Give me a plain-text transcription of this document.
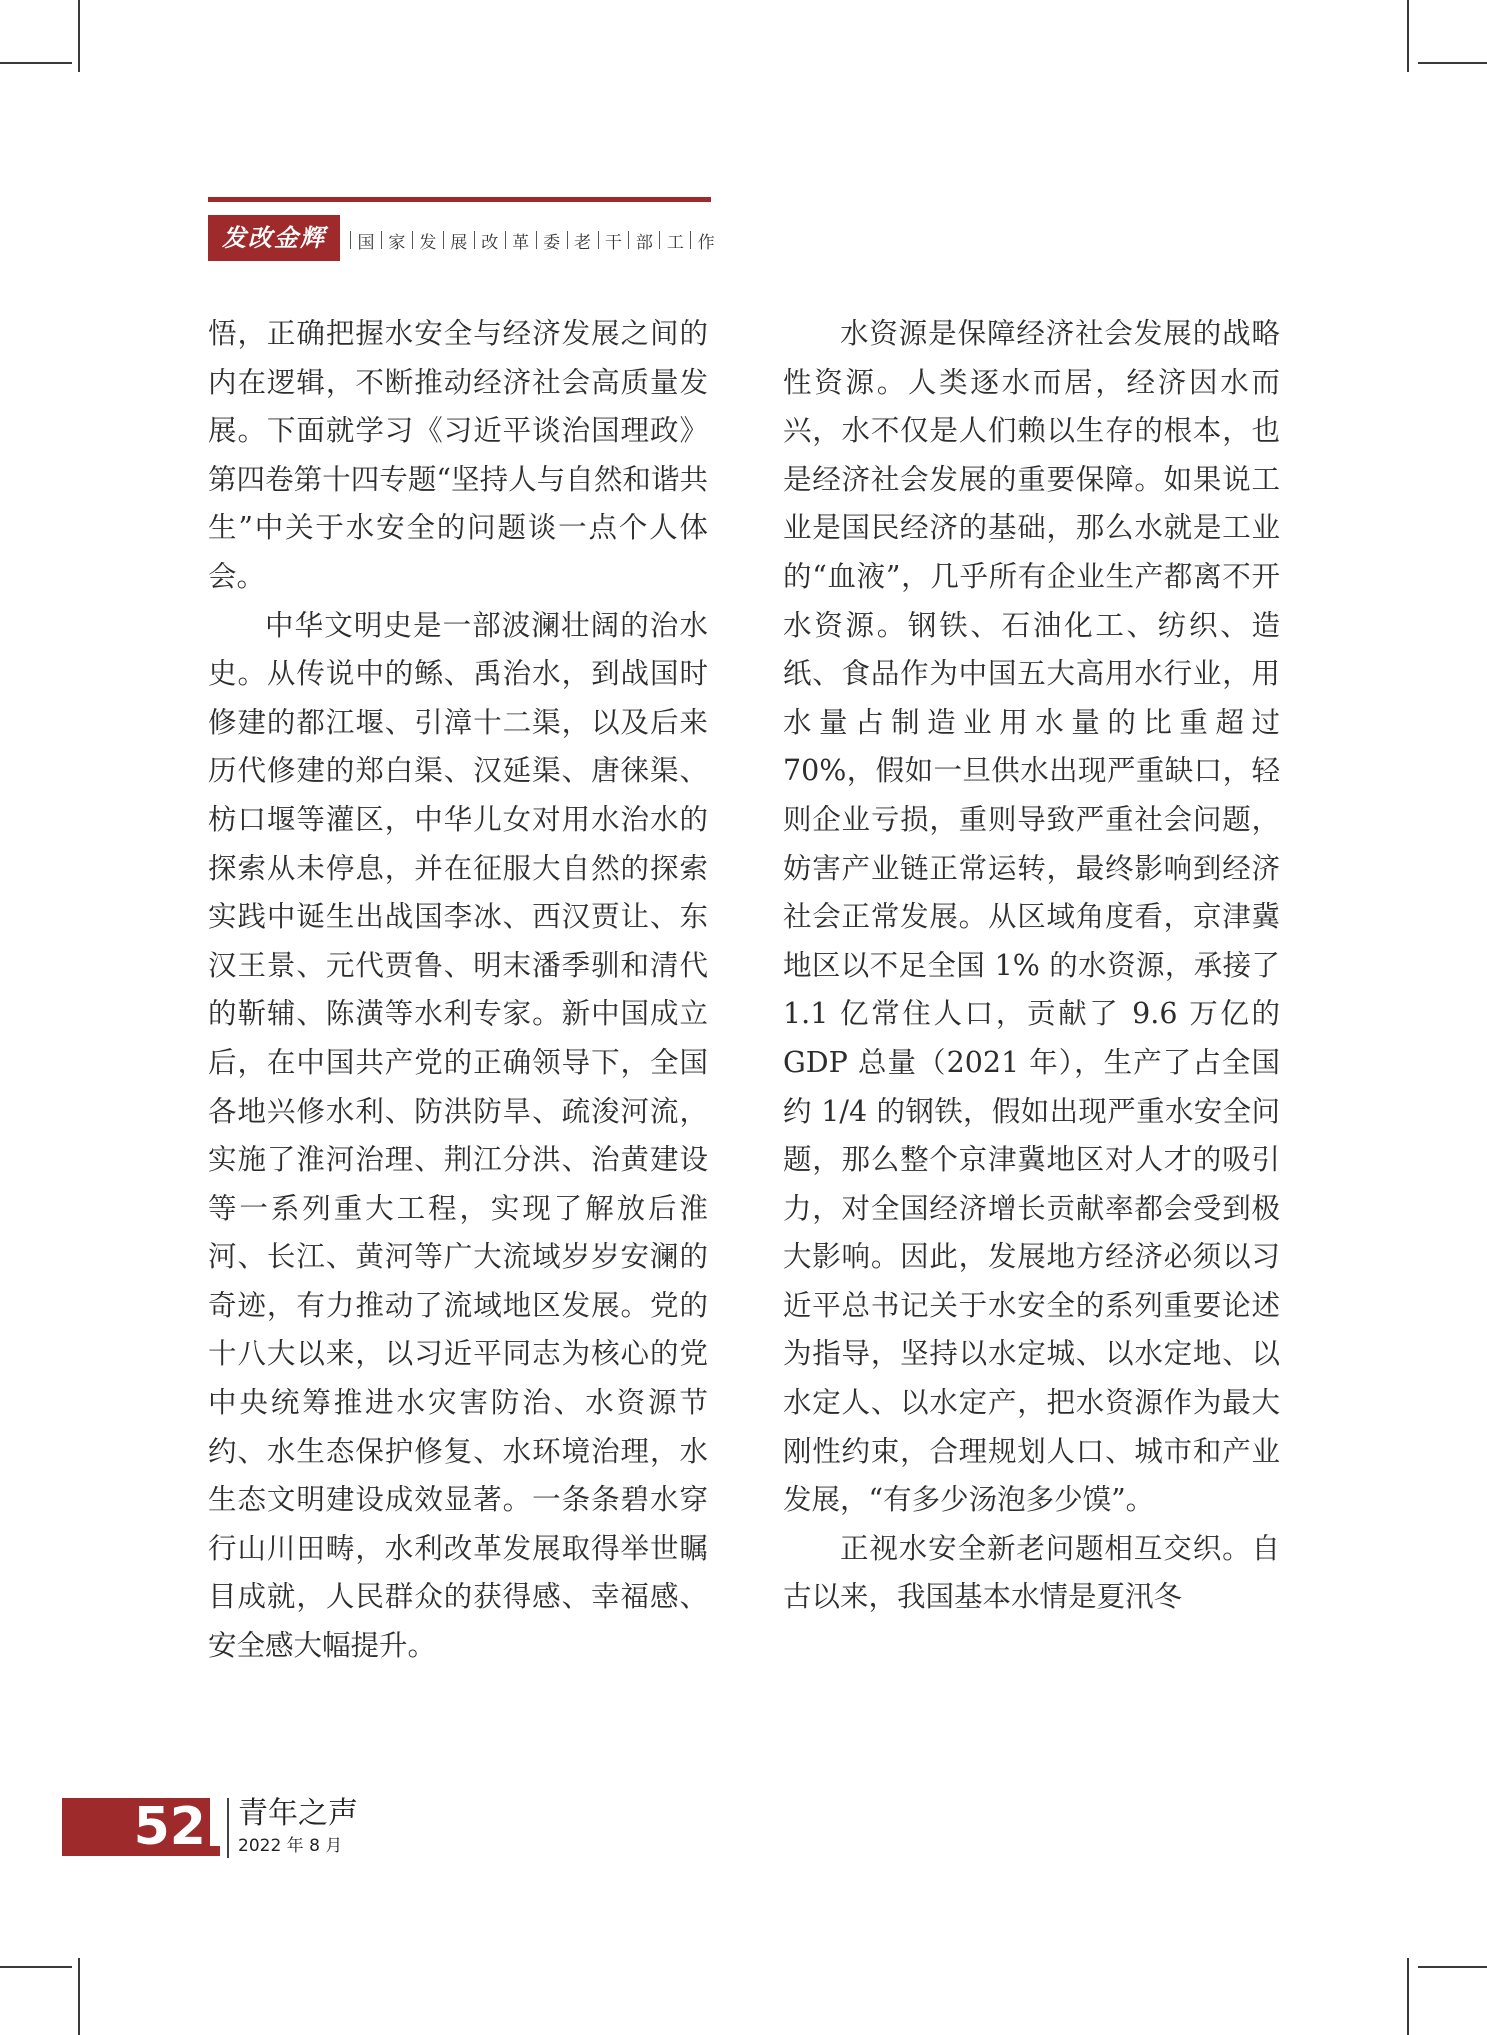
发改金辉	国 家 发 展 改 革 委 老 干 部 工 作

悟，正确把握水安全与经济发展之间的内在逻辑，不断推动经济社会高质量发展。下面就学习《习近平谈治国理政》第四卷第十四专题“坚持人与自然和谐共生”中关于水安全的问题谈一点个人体会。

中华文明史是一部波澜壮阔的治水史。从传说中的鲧、禹治水，到战国时修建的都江堰、引漳十二渠，以及后来历代修建的郑白渠、汉延渠、唐徕渠、枋口堰等灌区，中华儿女对用水治水的探索从未停息，并在征服大自然的探索实践中诞生出战国李冰、西汉贾让、东汉王景、元代贾鲁、明末潘季驯和清代的靳辅、陈潢等水利专家。新中国成立后，在中国共产党的正确领导下，全国各地兴修水利、防洪防旱、疏浚河流，实施了淮河治理、荆江分洪、治黄建设等一系列重大工程，实现了解放后淮河、长江、黄河等广大流域岁岁安澜的奇迹，有力推动了流域地区发展。党的十八大以来，以习近平同志为核心的党中央统筹推进水灾害防治、水资源节约、水生态保护修复、水环境治理，水生态文明建设成效显著。一条条碧水穿行山川田畴，水利改革发展取得举世瞩目成就，人民群众的获得感、幸福感、安全感大幅提升。

水资源是保障经济社会发展的战略性资源。人类逐水而居，经济因水而兴，水不仅是人们赖以生存的根本，也是经济社会发展的重要保障。如果说工业是国民经济的基础，那么水就是工业的“血液”，几乎所有企业生产都离不开水资源。钢铁、石油化工、纺织、造纸、食品作为中国五大高用水行业，用水量占制造业用水量的比重超过 70%，假如一旦供水出现严重缺口，轻则企业亏损，重则导致严重社会问题，妨害产业链正常运转，最终影响到经济社会正常发展。从区域角度看，京津冀地区以不足全国 1% 的水资源，承接了 1.1 亿常住人口，贡献了 9.6 万亿的 GDP 总量（2021 年），生产了占全国约 1/4 的钢铁，假如出现严重水安全问题，那么整个京津冀地区对人才的吸引力，对全国经济增长贡献率都会受到极大影响。因此，发展地方经济必须以习近平总书记关于水安全的系列重要论述为指导，坚持以水定城、以水定地、以水定人、以水定产，把水资源作为最大刚性约束，合理规划人口、城市和产业发展，“有多少汤泡多少馍”。

正视水安全新老问题相互交织。自古以来，我国基本水情是夏汛冬

52 青年之声
2022 年 8 月
